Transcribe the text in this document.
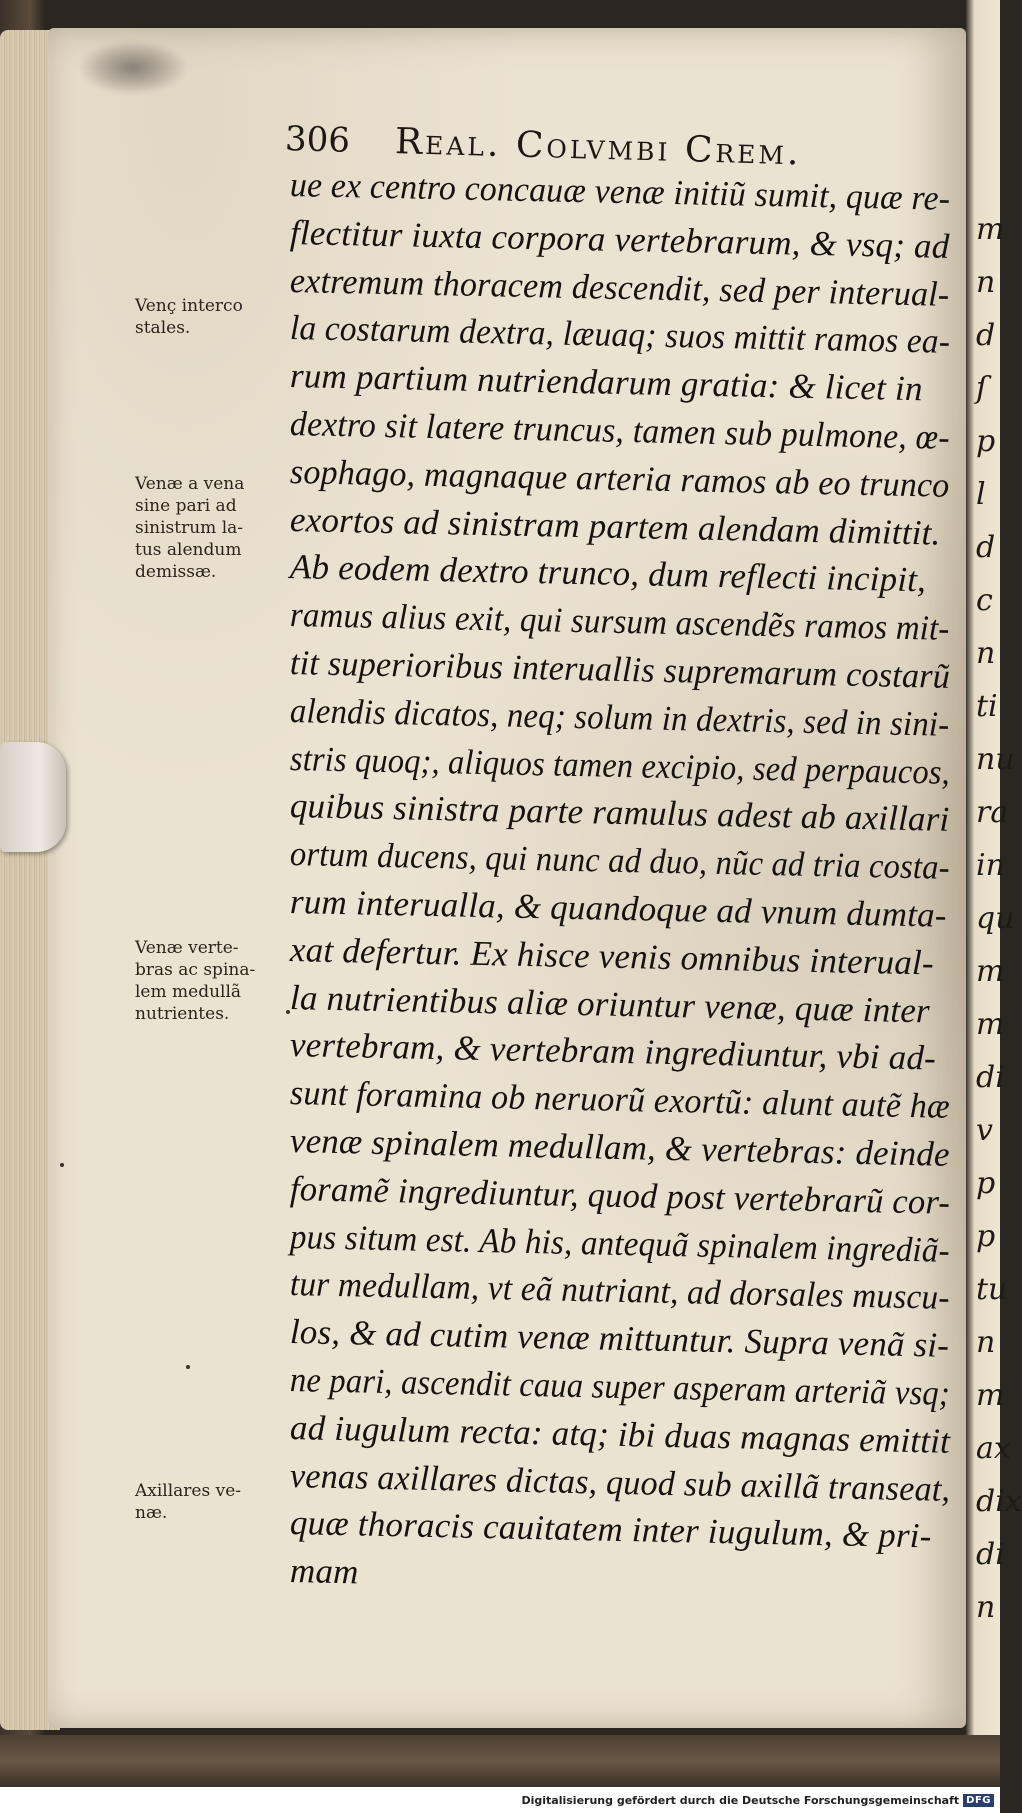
m
n
d
ſ
p
l
d
c
n
ti
nu
ra
in
qu
m
m
di
v
p
p
tu
n
m
ax
dix
di
n
306 Real. Colvmbi Crem.
Venç interco
stales.
Venæ a vena
sine pari ad
sinistrum la-
tus alendum
demissæ.
Venæ verte-
bras ac spina-
lem medullã
nutrientes.
Axillares ve-
næ.
ue ex centro concauæ venæ initiũ sumit, quæ re-
flectitur iuxta corpora vertebrarum, & vsq; ad
extremum thoracem descendit, sed per interual-
la costarum dextra, læuaq; suos mittit ramos ea-
rum partium nutriendarum gratia: & licet in
dextro sit latere truncus, tamen sub pulmone, œ-
sophago, magnaque arteria ramos ab eo trunco
exortos ad sinistram partem alendam dimittit.
Ab eodem dextro trunco, dum reflecti incipit,
ramus alius exit, qui sursum ascendẽs ramos mit-
tit superioribus interuallis supremarum costarũ
alendis dicatos, neq; solum in dextris, sed in sini-
stris quoq;, aliquos tamen excipio, sed perpaucos,
quibus sinistra parte ramulus adest ab axillari
ortum ducens, qui nunc ad duo, nũc ad tria costa-
rum interualla, & quandoque ad vnum dumta-
xat defertur. Ex hisce venis omnibus interual-
la nutrientibus aliæ oriuntur venæ, quæ inter
vertebram, & vertebram ingrediuntur, vbi ad-
sunt foramina ob neruorũ exortũ: alunt autẽ hæ
venæ spinalem medullam, & vertebras: deinde
foramẽ ingrediuntur, quod post vertebrarũ cor-
pus situm est. Ab his, antequã spinalem ingrediã-
tur medullam, vt eã nutriant, ad dorsales muscu-
los, & ad cutim venæ mittuntur. Supra venã si-
ne pari, ascendit caua super asperam arteriã vsq;
ad iugulum recta: atq; ibi duas magnas emittit
venas axillares dictas, quod sub axillã transeat,
quæ thoracis cauitatem inter iugulum, & pri-
mam
Digitalisierung gefördert durch die Deutsche Forschungsgemeinschaft DFG
